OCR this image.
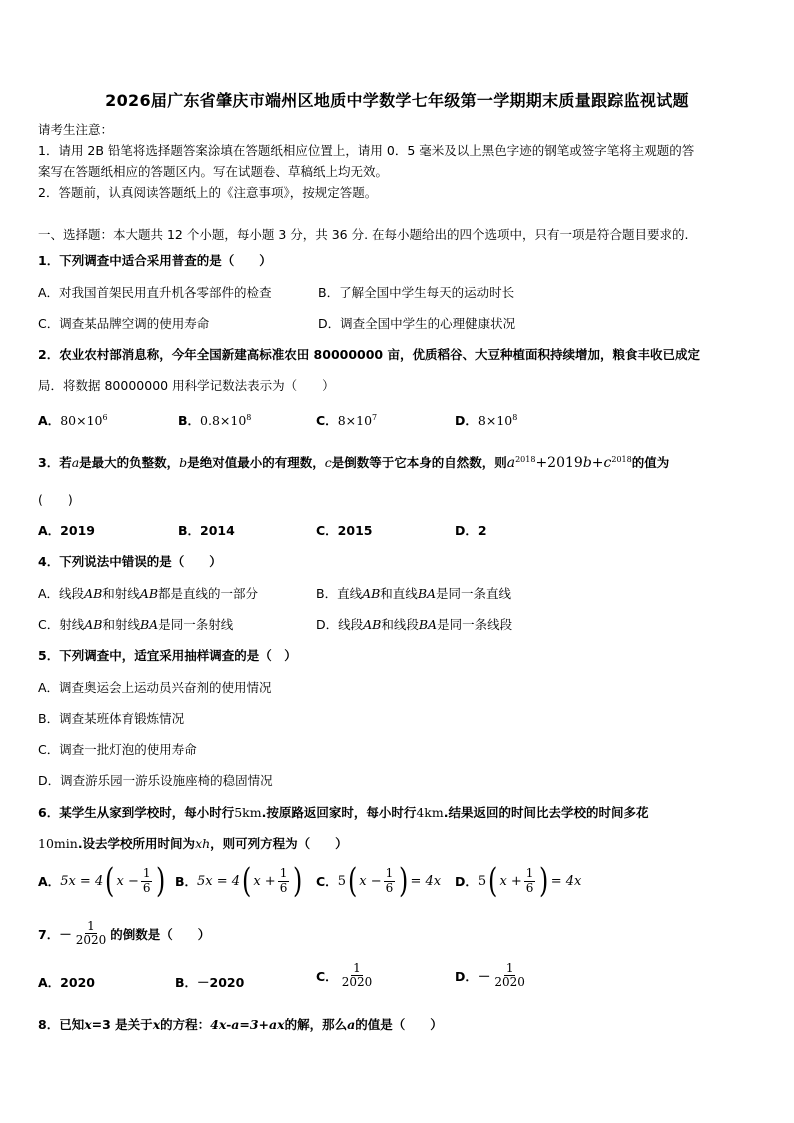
2026届广东省肇庆市端州区地质中学数学七年级第一学期期末质量跟踪监视试题
请考生注意：
1．请用 2B 铅笔将选择题答案涂填在答题纸相应位置上，请用 0．5 毫米及以上黑色字迹的钢笔或签字笔将主观题的答
案写在答题纸相应的答题区内。写在试题卷、草稿纸上均无效。
2．答题前，认真阅读答题纸上的《注意事项》，按规定答题。
一、选择题：本大题共 12 个小题，每小题 3 分，共 36 分. 在每小题给出的四个选项中，只有一项是符合题目要求的.
1．下列调查中适合采用普查的是（　　）
A．对我国首架民用直升机各零部件的检查	B．了解全国中学生每天的运动时长
C．调查某品牌空调的使用寿命	D．调查全国中学生的心理健康状况
2．农业农村部消息称，今年全国新建高标准农田 80000000 亩，优质稻谷、大豆种植面积持续增加，粮食丰收已成定
局．将数据 80000000 用科学记数法表示为（　　）
A．$80\times 10^6$	B．$0.8\times 10^8$	C．$8\times 10^7$	D．$8\times 10^8$
3．若a是最大的负整数，b是绝对值最小的有理数，c是倒数等于它本身的自然数，则$a^{2018}+2019b+c^{2018}$的值为
(　　)
A．2019	B．2014	C．2015	D．2
4．下列说法中错误的是（　　）
A．线段AB和射线AB都是直线的一部分	B．直线AB和直线BA是同一条直线
C．射线AB和射线BA是同一条射线	D．线段AB和线段BA是同一条线段
5．下列调查中，适宜采用抽样调查的是（　）
A．调查奥运会上运动员兴奋剂的使用情况
B．调查某班体育锻炼情况
C．调查一批灯泡的使用寿命
D．调查游乐园一游乐设施座椅的稳固情况
6．某学生从家到学校时，每小时行5km.按原路返回家时，每小时行4km.结果返回的时间比去学校的时间多花
10min.设去学校所用时间为xh，则可列方程为（　　）
A． 5x = 4 ( $x - \frac{1}{6}$ ) B． 5x = 4 ( $x + \frac{1}{6}$ ) C． 5 ( $x - \frac{1}{6}$ ) = 4x D． 5 ( $x + \frac{1}{6}$ ) = 4x
7．－ $\frac{1}{2020}$ 的倒数是（　　）
A．2020	B．－2020	C． $\frac{1}{2020}$	D．－ $\frac{1}{2020}$
8．已知x=3 是关于x的方程：4x-a=3+ax的解，那么a的值是（　　）
